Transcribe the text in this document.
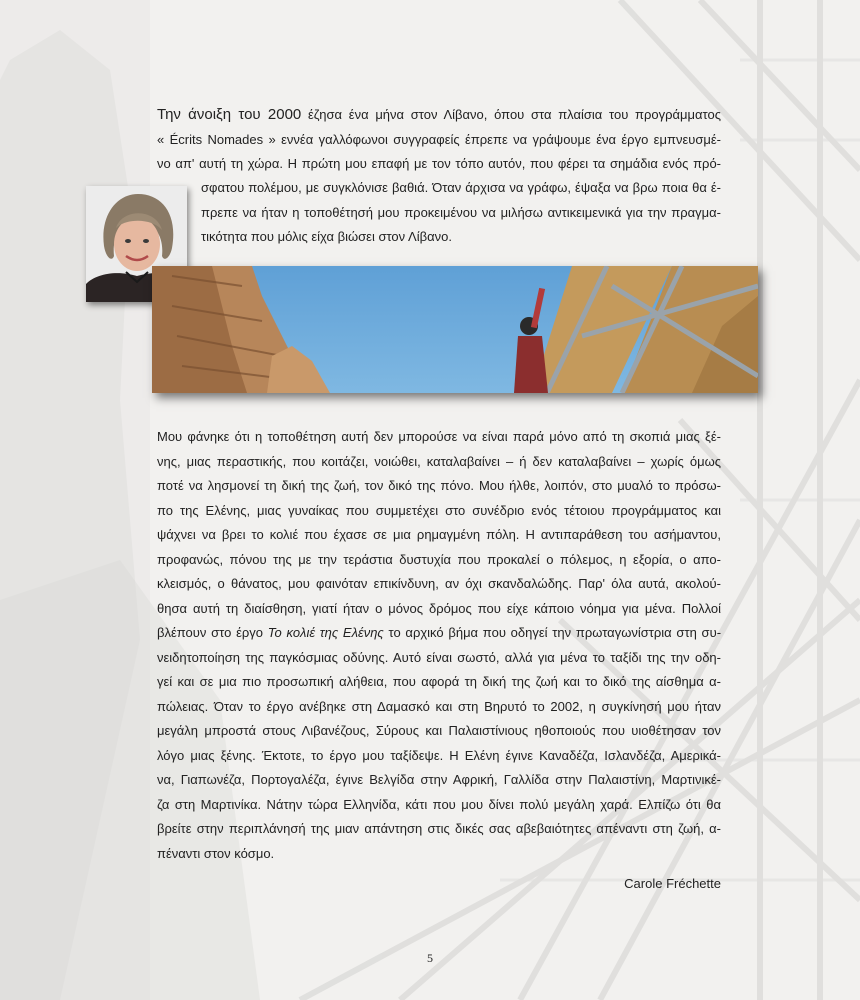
Την άνοιξη του 2000 έζησα ένα μήνα στον Λίβανο, όπου στα πλαίσια του προγράμματος
« Écrits Nomades » εννέα γαλλόφωνοι συγγραφείς έπρεπε να γράψουμε ένα έργο εμπνευσμέ-
νο απ' αυτή τη χώρα. Η πρώτη μου επαφή με τον τόπο αυτόν, που φέρει τα σημάδια ενός πρό-
σφατου πολέμου, με συγκλόνισε βαθιά. Όταν άρχισα να γράφω, έψαξα να βρω ποια θα έ-
πρεπε να ήταν η τοποθέτησή μου προκειμένου να μιλήσω αντικειμενικά για την πραγμα-
τικότητα που μόλις είχα βιώσει στον Λίβανο.
Μου φάνηκε ότι η τοποθέτηση αυτή δεν μπορούσε να είναι παρά μόνο από τη σκοπιά μιας ξέ-
νης, μιας περαστικής, που κοιτάζει, νοιώθει, καταλαβαίνει – ή δεν καταλαβαίνει – χωρίς όμως
ποτέ να λησμονεί τη δική της ζωή, τον δικό της πόνο. Μου ήλθε, λοιπόν, στο μυαλό το πρόσω-
πο της Ελένης, μιας γυναίκας που συμμετέχει στο συνέδριο ενός τέτοιου προγράμματος και
ψάχνει να βρει το κολιέ που έχασε σε μια ρημαγμένη πόλη. Η αντιπαράθεση του ασήμαντου,
προφανώς, πόνου της με την τεράστια δυστυχία που προκαλεί ο πόλεμος, η εξορία, ο απο-
κλεισμός, ο θάνατος, μου φαινόταν επικίνδυνη, αν όχι σκανδαλώδης. Παρ' όλα αυτά, ακολού-
θησα αυτή τη διαίσθηση, γιατί ήταν ο μόνος δρόμος που είχε κάποιο νόημα για μένα. Πολλοί
βλέπουν στο έργο Το κολιέ της Ελένης το αρχικό βήμα που οδηγεί την πρωταγωνίστρια στη συ-
νειδητοποίηση της παγκόσμιας οδύνης. Αυτό είναι σωστό, αλλά για μένα το ταξίδι της την οδη-
γεί και σε μια πιο προσωπική αλήθεια, που αφορά τη δική της ζωή και το δικό της αίσθημα α-
πώλειας. Όταν το έργο ανέβηκε στη Δαμασκό και στη Βηρυτό το 2002, η συγκίνησή μου ήταν
μεγάλη μπροστά στους Λιβανέζους, Σύρους και Παλαιστίνιους ηθοποιούς που υιοθέτησαν τον
λόγο μιας ξένης. Έκτοτε, το έργο μου ταξίδεψε. Η Ελένη έγινε Καναδέζα, Ισλανδέζα, Αμερικά-
να, Γιαπωνέζα, Πορτογαλέζα, έγινε Βελγίδα στην Αφρική, Γαλλίδα στην Παλαιστίνη, Μαρτινικέ-
ζα στη Μαρτινίκα. Νάτην τώρα Ελληνίδα, κάτι που μου δίνει πολύ μεγάλη χαρά. Ελπίζω ότι θα
βρείτε στην περιπλάνησή της μιαν απάντηση στις δικές σας αβεβαιότητες απέναντι στη ζωή, α-
πέναντι στον κόσμο.
Carole Fréchette
5
